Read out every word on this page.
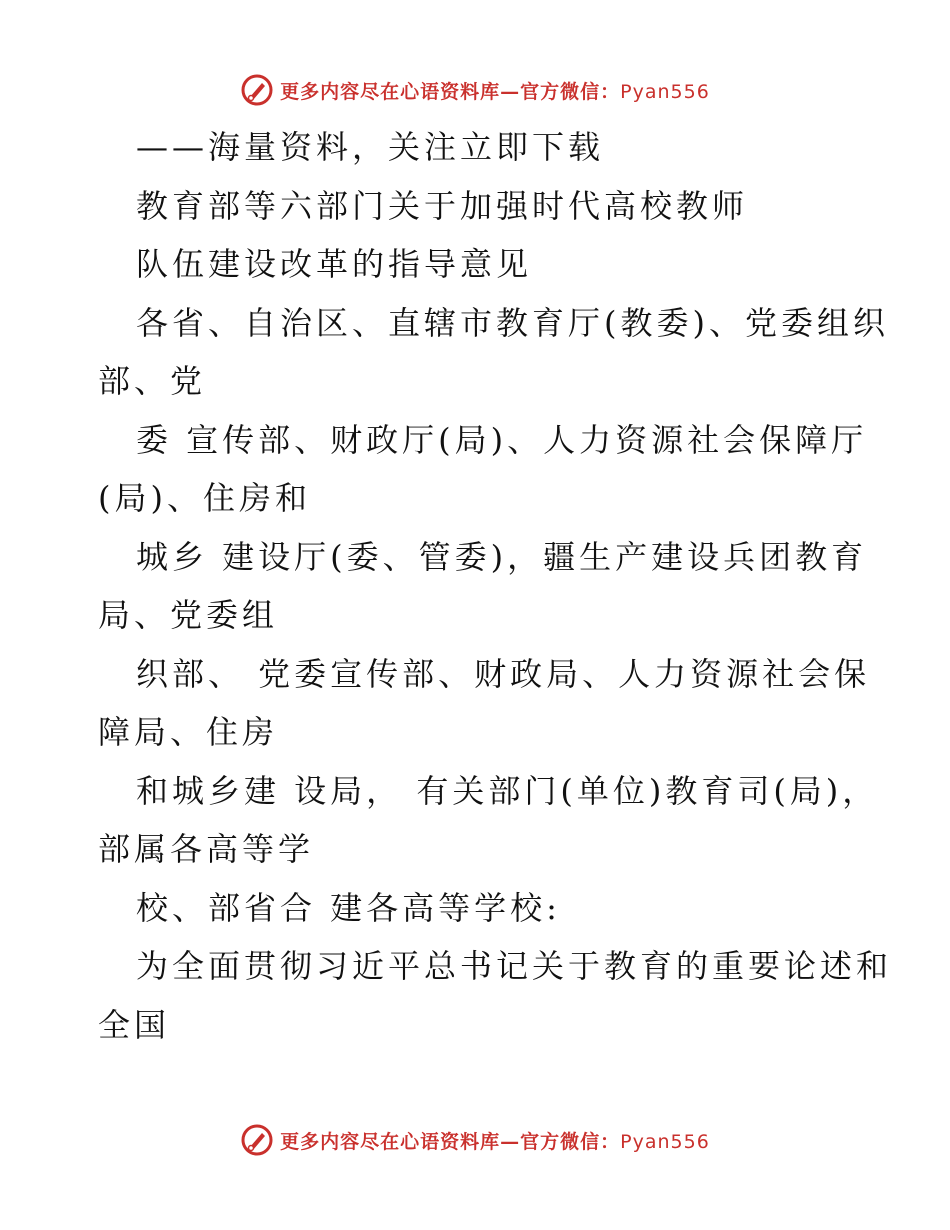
更多内容尽在心语资料库—官方微信：Pyan556
——海量资料，关注立即下载
教育部等六部门关于加强时代高校教师
队伍建设改革的指导意见
各省、自治区、直辖市教育厅(教委)、党委组织
部、党
委 宣传部、财政厅(局)、人力资源社会保障厅
(局)、住房和
城乡 建设厅(委、管委)，疆生产建设兵团教育
局、党委组
织部、 党委宣传部、财政局、人力资源社会保
障局、住房
和城乡建 设局， 有关部门(单位)教育司(局)，
部属各高等学
校、部省合 建各高等学校:
为全面贯彻习近平总书记关于教育的重要论述和
全国
更多内容尽在心语资料库—官方微信：Pyan556
